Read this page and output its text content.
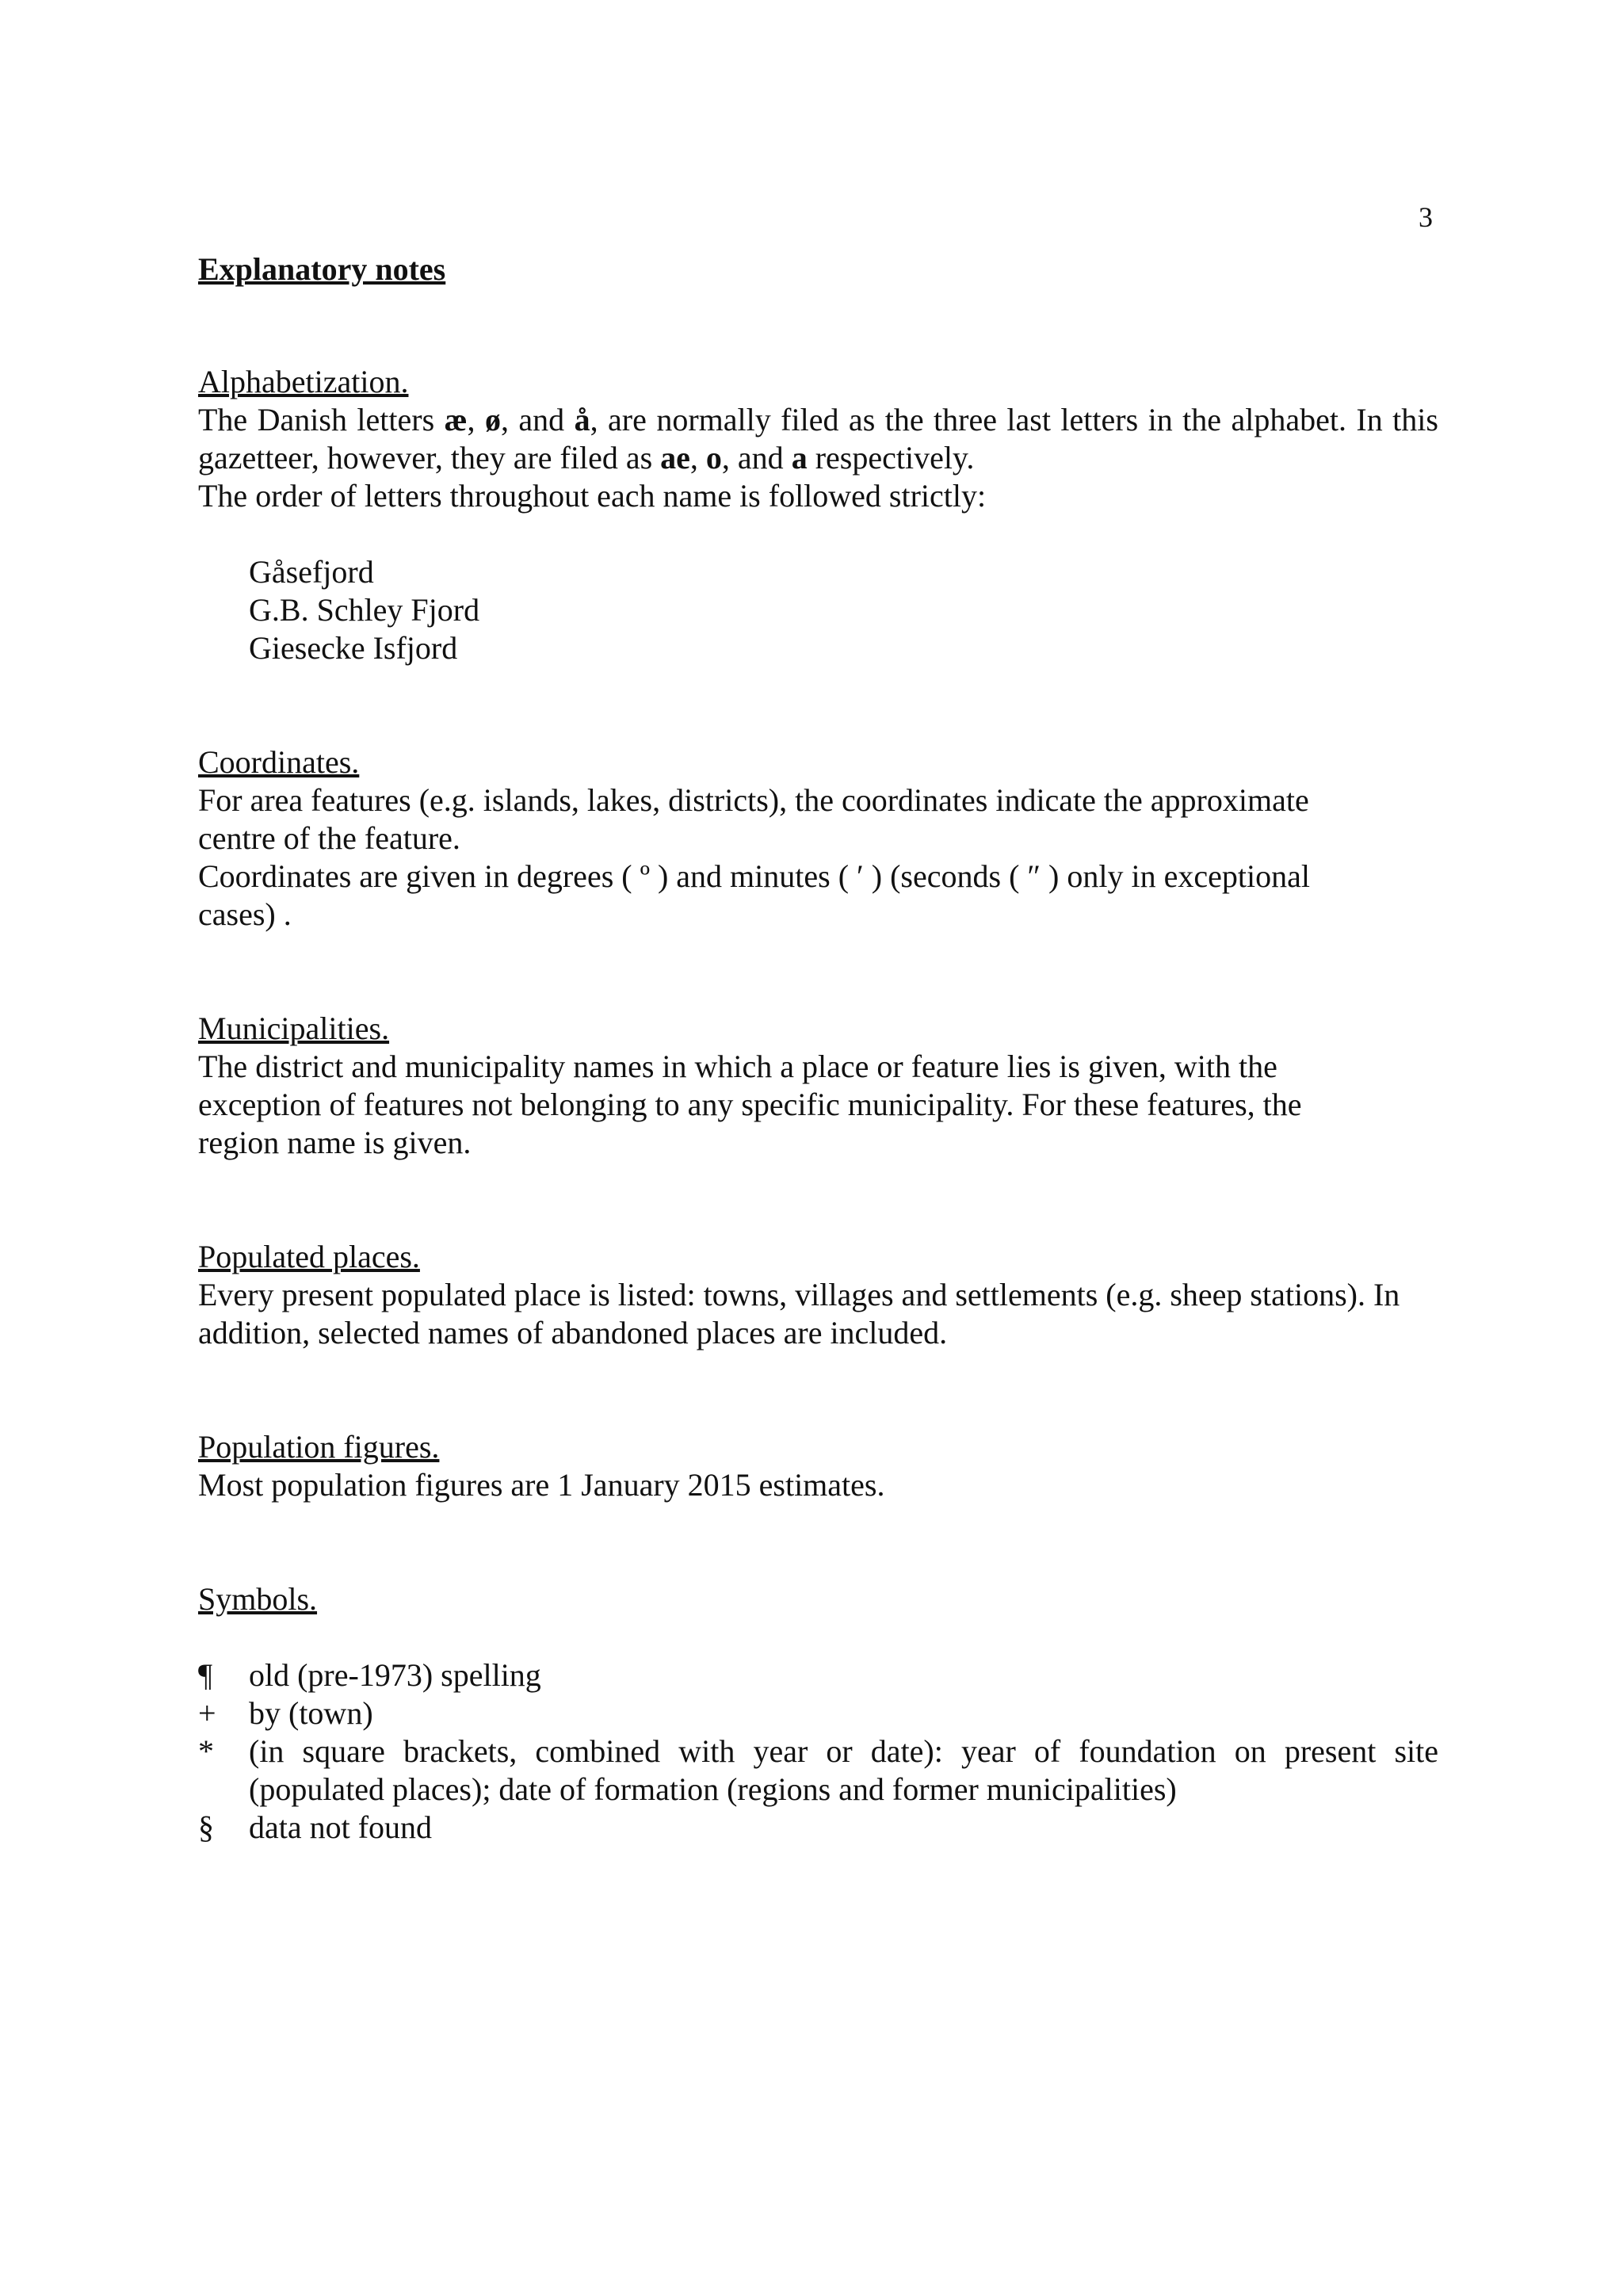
3
Explanatory notes
Alphabetization.

The Danish letters æ, ø, and å, are normally filed as the three last letters in the alphabet. In this gazetteer, however, they are filed as ae, o, and a respectively.

The order of letters throughout each name is followed strictly:

Gåsefjord
G.B. Schley Fjord
Giesecke Isfjord
Coordinates.

For area features (e.g. islands, lakes, districts), the coordinates indicate the approximate centre of the feature.

Coordinates are given in degrees ( º ) and minutes ( ′ ) (seconds ( ″ ) only in exceptional cases) .

Municipalities.

The district and municipality names in which a place or feature lies is given, with the exception of features not belonging to any specific municipality. For these features, the region name is given.

Populated places.

Every present populated place is listed: towns, villages and settlements (e.g. sheep stations). In addition, selected names of abandoned places are included.

Population figures.

Most population figures are 1 January 2015 estimates.

Symbols.
¶	old (pre-1973) spelling
+	by (town)
*	(in square brackets, combined with year or date): year of foundation on present site (populated places); date of formation (regions and former municipalities)
§	data not found
